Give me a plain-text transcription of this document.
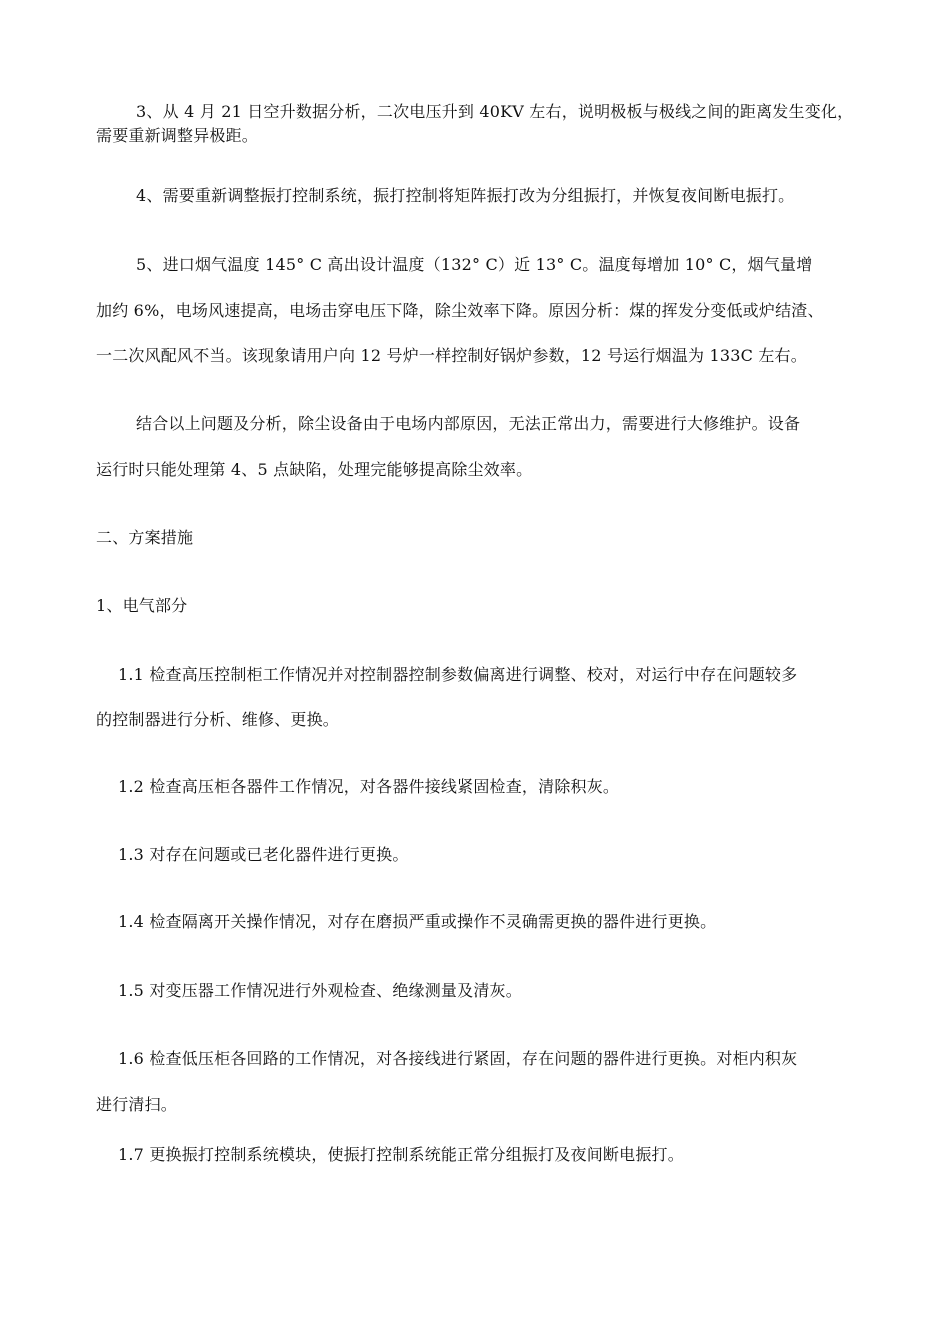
3、从 4 月 21 日空升数据分析，二次电压升到 40KV 左右，说明极板与极线之间的距离发生变化，
需要重新调整异极距。
4、需要重新调整振打控制系统，振打控制将矩阵振打改为分组振打，并恢复夜间断电振打。
5、进口烟气温度 145° C 高出设计温度（132° C）近 13° C。温度每增加 10° C，烟气量增
加约 6%，电场风速提高，电场击穿电压下降，除尘效率下降。原因分析：煤的挥发分变低或炉结渣、
一二次风配风不当。该现象请用户向 12 号炉一样控制好锅炉参数，12 号运行烟温为 133C 左右。
结合以上问题及分析，除尘设备由于电场内部原因，无法正常出力，需要进行大修维护。设备
运行时只能处理第 4、5 点缺陷，处理完能够提高除尘效率。
二、方案措施
1、电气部分
1.1 检查高压控制柜工作情况并对控制器控制参数偏离进行调整、校对，对运行中存在问题较多
的控制器进行分析、维修、更换。
1.2 检查高压柜各器件工作情况，对各器件接线紧固检查，清除积灰。
1.3 对存在问题或已老化器件进行更换。
1.4 检查隔离开关操作情况，对存在磨损严重或操作不灵确需更换的器件进行更换。
1.5 对变压器工作情况进行外观检查、绝缘测量及清灰。
1.6 检查低压柜各回路的工作情况，对各接线进行紧固，存在问题的器件进行更换。对柜内积灰
进行清扫。
1.7 更换振打控制系统模块，使振打控制系统能正常分组振打及夜间断电振打。
